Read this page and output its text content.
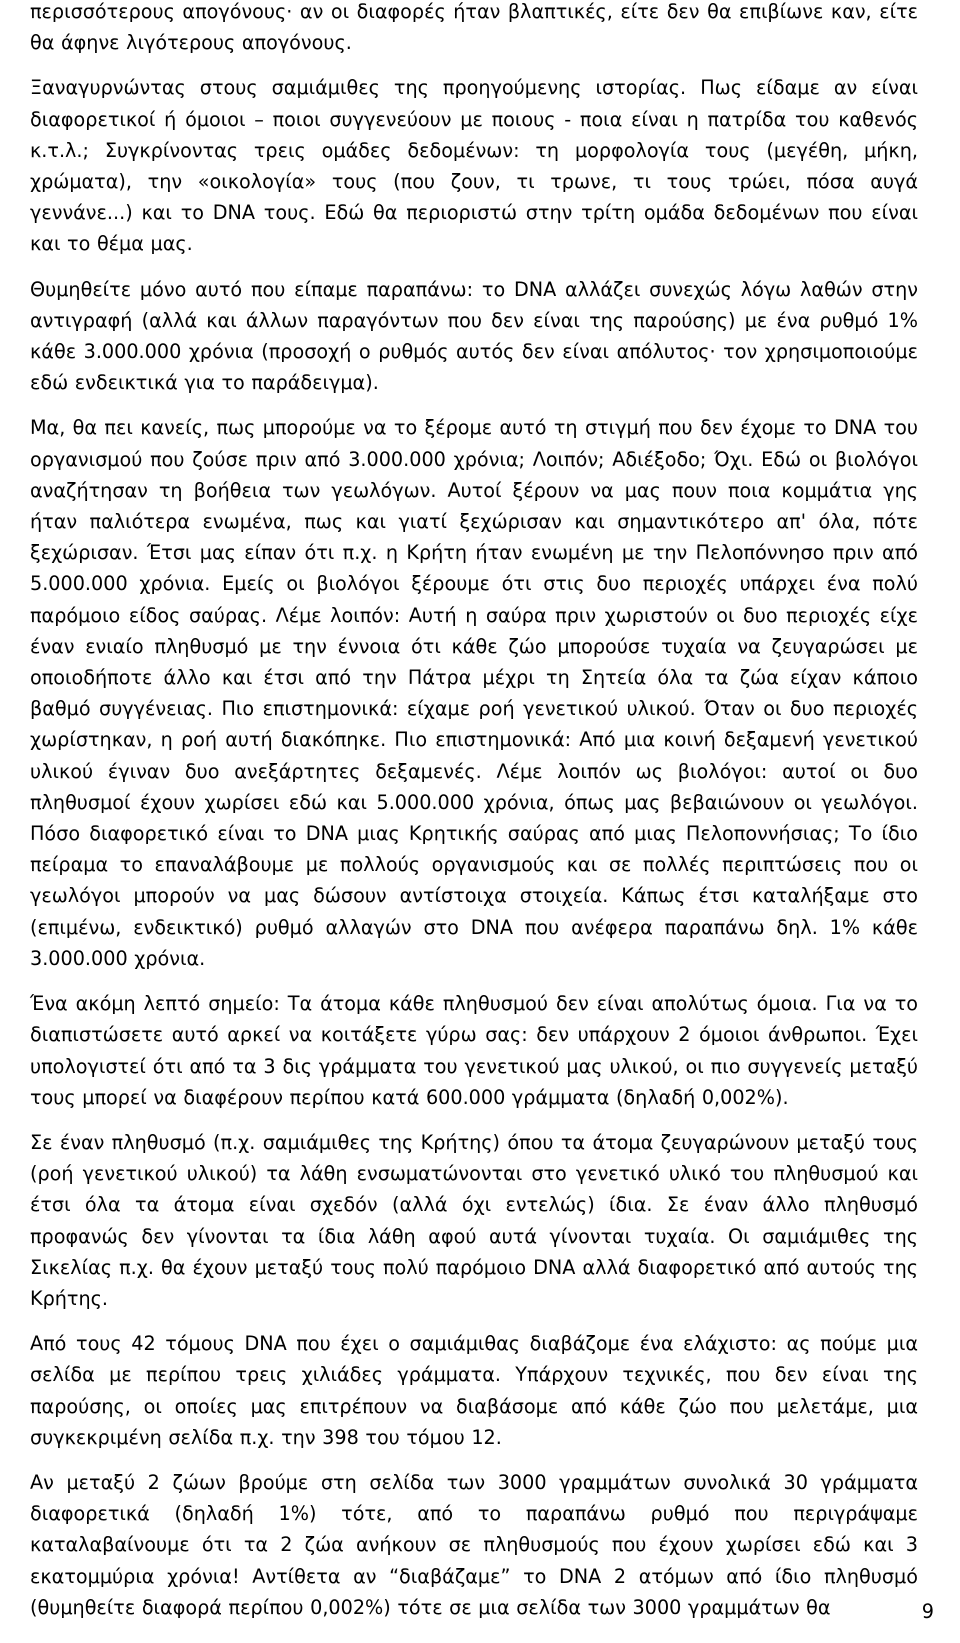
περισσότερους απογόνους· αν οι διαφορές ήταν βλαπτικές, είτε δεν θα επιβίωνε καν, είτε θα άφηνε λιγότερους απογόνους.

Ξαναγυρνώντας στους σαμιάμιθες της προηγούμενης ιστορίας. Πως είδαμε αν είναι διαφορετικοί ή όμοιοι – ποιοι συγγενεύουν με ποιους - ποια είναι η πατρίδα του καθενός κ.τ.λ.; Συγκρίνοντας τρεις ομάδες δεδομένων: τη μορφολογία τους (μεγέθη, μήκη, χρώματα), την «οικολογία» τους (που ζουν, τι τρωνε, τι τους τρώει, πόσα αυγά γεννάνε...) και το DNA τους. Εδώ θα περιοριστώ στην τρίτη ομάδα δεδομένων που είναι και το θέμα μας.

Θυμηθείτε μόνο αυτό που είπαμε παραπάνω: το DNA αλλάζει συνεχώς λόγω λαθών στην αντιγραφή (αλλά και άλλων παραγόντων που δεν είναι της παρούσης) με ένα ρυθμό 1% κάθε 3.000.000 χρόνια (προσοχή ο ρυθμός αυτός δεν είναι απόλυτος· τον χρησιμοποιούμε εδώ ενδεικτικά για το παράδειγμα).

Μα, θα πει κανείς, πως μπορούμε να το ξέρομε αυτό τη στιγμή που δεν έχομε το DNA του οργανισμού που ζούσε πριν από 3.000.000 χρόνια; Λοιπόν; Αδιέξοδο; Όχι. Εδώ οι βιολόγοι αναζήτησαν τη βοήθεια των γεωλόγων. Αυτοί ξέρουν να μας πουν ποια κομμάτια γης ήταν παλιότερα ενωμένα, πως και γιατί ξεχώρισαν και σημαντικότερο απ' όλα, πότε ξεχώρισαν. Έτσι μας είπαν ότι π.χ. η Κρήτη ήταν ενωμένη με την Πελοπόννησο πριν από 5.000.000 χρόνια. Εμείς οι βιολόγοι ξέρουμε ότι στις δυο περιοχές υπάρχει ένα πολύ παρόμοιο είδος σαύρας. Λέμε λοιπόν: Αυτή η σαύρα πριν χωριστούν οι δυο περιοχές είχε έναν ενιαίο πληθυσμό με την έννοια ότι κάθε ζώο μπορούσε τυχαία να ζευγαρώσει με οποιοδήποτε άλλο και έτσι από την Πάτρα μέχρι τη Σητεία όλα τα ζώα είχαν κάποιο βαθμό συγγένειας. Πιο επιστημονικά: είχαμε ροή γενετικού υλικού. Όταν οι δυο περιοχές χωρίστηκαν, η ροή αυτή διακόπηκε. Πιο επιστημονικά: Από μια κοινή δεξαμενή γενετικού υλικού έγιναν δυο ανεξάρτητες δεξαμενές. Λέμε λοιπόν ως βιολόγοι: αυτοί οι δυο πληθυσμοί έχουν χωρίσει εδώ και 5.000.000 χρόνια, όπως μας βεβαιώνουν οι γεωλόγοι. Πόσο διαφορετικό είναι το DNA μιας Κρητικής σαύρας από μιας Πελοποννήσιας; Το ίδιο πείραμα το επαναλάβουμε με πολλούς οργανισμούς και σε πολλές περιπτώσεις που οι γεωλόγοι μπορούν να μας δώσουν αντίστοιχα στοιχεία. Κάπως έτσι καταλήξαμε στο (επιμένω, ενδεικτικό) ρυθμό αλλαγών στο DNA που ανέφερα παραπάνω δηλ. 1% κάθε 3.000.000 χρόνια.

Ένα ακόμη λεπτό σημείο: Τα άτομα κάθε πληθυσμού δεν είναι απολύτως όμοια. Για να το διαπιστώσετε αυτό αρκεί να κοιτάξετε γύρω σας: δεν υπάρχουν 2 όμοιοι άνθρωποι. Έχει υπολογιστεί ότι από τα 3 δις γράμματα του γενετικού μας υλικού, οι πιο συγγενείς μεταξύ τους μπορεί να διαφέρουν περίπου κατά 600.000 γράμματα (δηλαδή 0,002%).

Σε έναν πληθυσμό (π.χ. σαμιάμιθες της Κρήτης) όπου τα άτομα ζευγαρώνουν μεταξύ τους (ροή γενετικού υλικού) τα λάθη ενσωματώνονται στο γενετικό υλικό του πληθυσμού και έτσι όλα τα άτομα είναι σχεδόν (αλλά όχι εντελώς) ίδια. Σε έναν άλλο πληθυσμό προφανώς δεν γίνονται τα ίδια λάθη αφού αυτά γίνονται τυχαία. Οι σαμιάμιθες της Σικελίας π.χ. θα έχουν μεταξύ τους πολύ παρόμοιο DNA αλλά διαφορετικό από αυτούς της Κρήτης.

Από τους 42 τόμους DNA που έχει ο σαμιάμιθας διαβάζομε ένα ελάχιστο: ας πούμε μια σελίδα με περίπου τρεις χιλιάδες γράμματα. Υπάρχουν τεχνικές, που δεν είναι της παρούσης, οι οποίες μας επιτρέπουν να διαβάσομε από κάθε ζώο που μελετάμε, μια συγκεκριμένη σελίδα π.χ. την 398 του τόμου 12.

Αν μεταξύ 2 ζώων βρούμε στη σελίδα των 3000 γραμμάτων συνολικά 30 γράμματα διαφορετικά (δηλαδή 1%) τότε, από το παραπάνω ρυθμό που περιγράψαμε καταλαβαίνουμε ότι τα 2 ζώα ανήκουν σε πληθυσμούς που έχουν χωρίσει εδώ και 3 εκατομμύρια χρόνια! Αντίθετα αν “διαβάζαμε” το DNA 2 ατόμων από ίδιο πληθυσμό (θυμηθείτε διαφορά περίπου 0,002%) τότε σε μια σελίδα των 3000 γραμμάτων θα	9
